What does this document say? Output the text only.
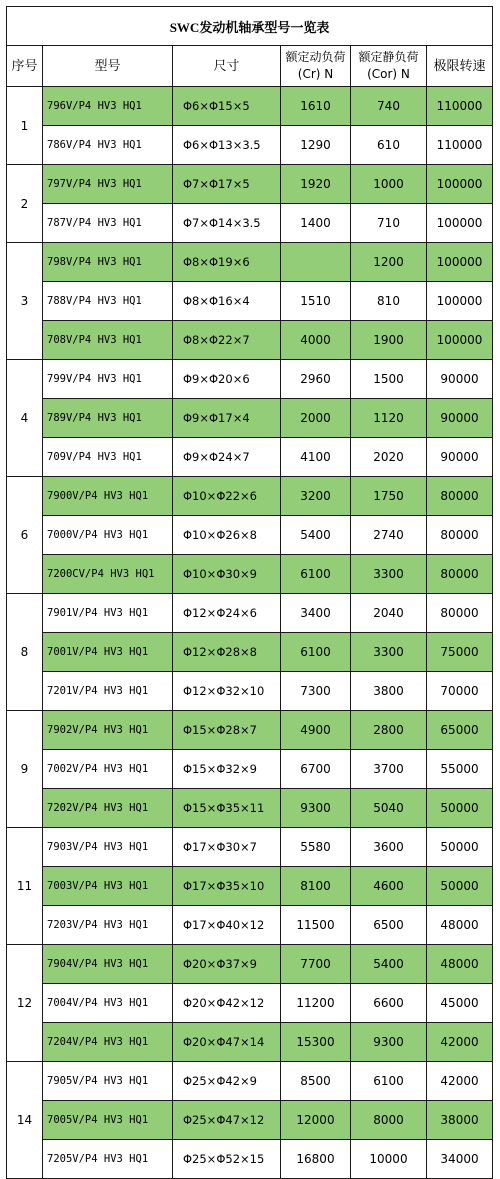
SWC发动机轴承型号一览表					
序号	型号	尺寸	额定动负荷 (Cr) N	额定静负荷 (Cor) N	极限转速
1	796V/P4 HV3 HQ1	Φ6×Φ15×5	1610	740	110000
	786V/P4 HV3 HQ1	Φ6×Φ13×3.5	1290	610	110000
2	797V/P4 HV3 HQ1	Φ7×Φ17×5	1920	1000	100000
	787V/P4 HV3 HQ1	Φ7×Φ14×3.5	1400	710	100000
3	798V/P4 HV3 HQ1	Φ8×Φ19×6		1200	100000
	788V/P4 HV3 HQ1	Φ8×Φ16×4	1510	810	100000
	708V/P4 HV3 HQ1	Φ8×Φ22×7	4000	1900	100000
4	799V/P4 HV3 HQ1	Φ9×Φ20×6	2960	1500	90000
	789V/P4 HV3 HQ1	Φ9×Φ17×4	2000	1120	90000
	709V/P4 HV3 HQ1	Φ9×Φ24×7	4100	2020	90000
6	7900V/P4 HV3 HQ1	Φ10×Φ22×6	3200	1750	80000
	7000V/P4 HV3 HQ1	Φ10×Φ26×8	5400	2740	80000
	7200CV/P4 HV3 HQ1	Φ10×Φ30×9	6100	3300	80000
8	7901V/P4 HV3 HQ1	Φ12×Φ24×6	3400	2040	80000
	7001V/P4 HV3 HQ1	Φ12×Φ28×8	6100	3300	75000
	7201V/P4 HV3 HQ1	Φ12×Φ32×10	7300	3800	70000
9	7902V/P4 HV3 HQ1	Φ15×Φ28×7	4900	2800	65000
	7002V/P4 HV3 HQ1	Φ15×Φ32×9	6700	3700	55000
	7202V/P4 HV3 HQ1	Φ15×Φ35×11	9300	5040	50000
11	7903V/P4 HV3 HQ1	Φ17×Φ30×7	5580	3600	50000
	7003V/P4 HV3 HQ1	Φ17×Φ35×10	8100	4600	50000
	7203V/P4 HV3 HQ1	Φ17×Φ40×12	11500	6500	48000
12	7904V/P4 HV3 HQ1	Φ20×Φ37×9	7700	5400	48000
	7004V/P4 HV3 HQ1	Φ20×Φ42×12	11200	6600	45000
	7204V/P4 HV3 HQ1	Φ20×Φ47×14	15300	9300	42000
14	7905V/P4 HV3 HQ1	Φ25×Φ42×9	8500	6100	42000
	7005V/P4 HV3 HQ1	Φ25×Φ47×12	12000	8000	38000
	7205V/P4 HV3 HQ1	Φ25×Φ52×15	16800	10000	34000
